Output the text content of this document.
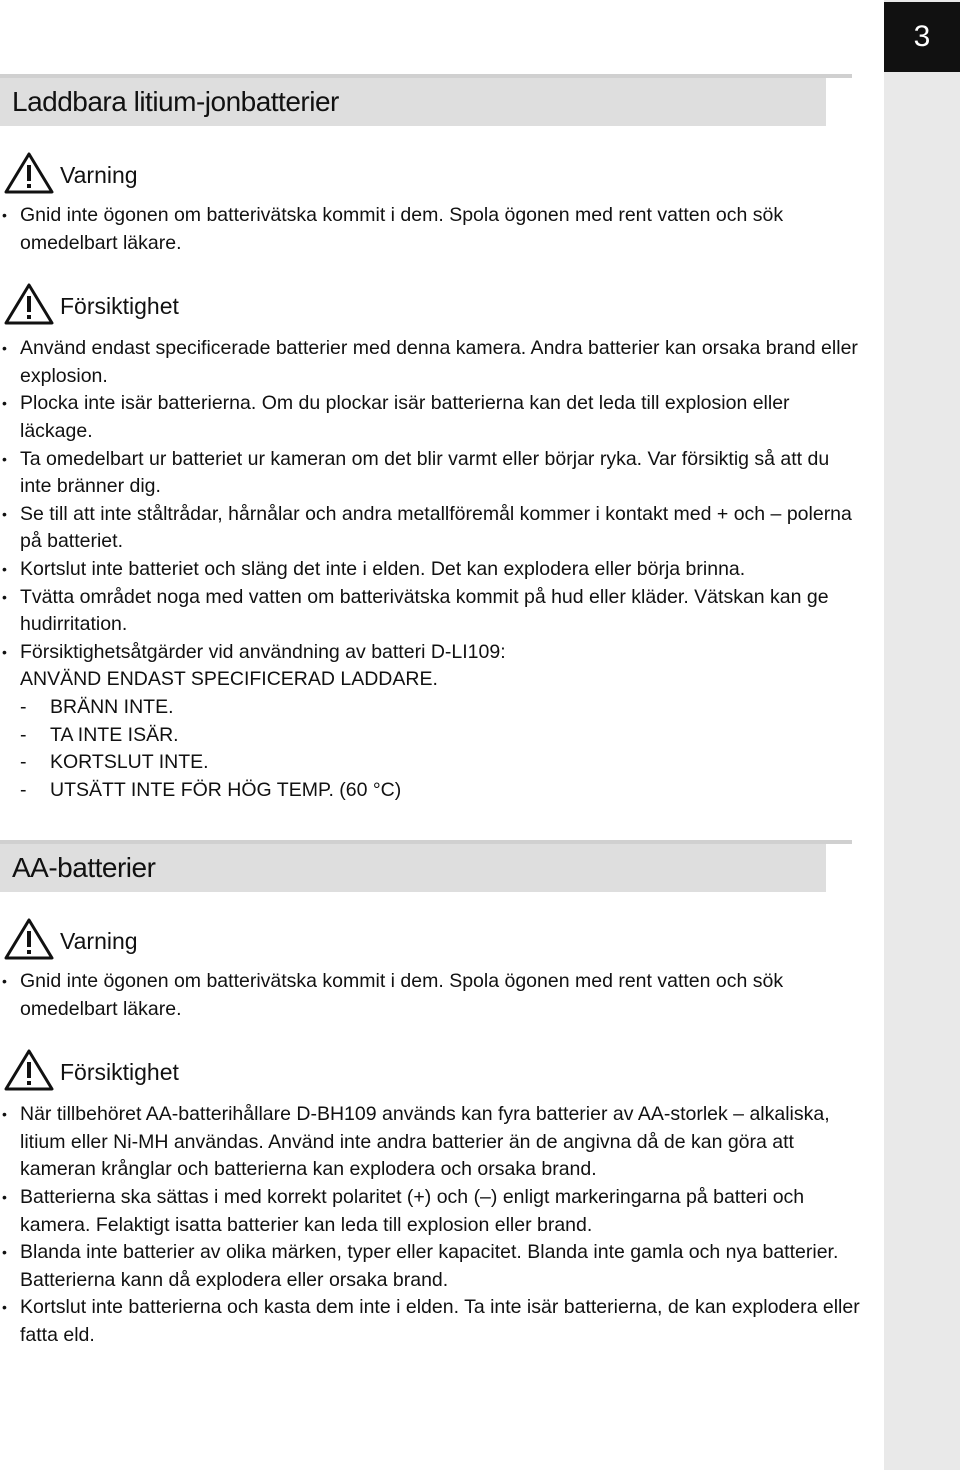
3
Laddbara litium-jonbatterier
Varning
• Gnid inte ögonen om batterivätska kommit i dem. Spola ögonen med rent vatten och sök omedelbart läkare.
Försiktighet
• Använd endast specificerade batterier med denna kamera. Andra batterier kan orsaka brand eller explosion.
• Plocka inte isär batterierna. Om du plockar isär batterierna kan det leda till explosion eller läckage.
• Ta omedelbart ur batteriet ur kameran om det blir varmt eller börjar ryka. Var försiktig så att du inte bränner dig.
• Se till att inte ståltrådar, hårnålar och andra metallföremål kommer i kontakt med + och – polerna på batteriet.
• Kortslut inte batteriet och släng det inte i elden. Det kan explodera eller börja brinna.
• Tvätta området noga med vatten om batterivätska kommit på hud eller kläder. Vätskan kan ge hudirritation.
• Försiktighetsåtgärder vid användning av batteri D-LI109:
ANVÄND ENDAST SPECIFICERAD LADDARE.
- BRÄNN INTE.
- TA INTE ISÄR.
- KORTSLUT INTE.
- UTSÄTT INTE FÖR HÖG TEMP. (60 °C)
AA-batterier
Varning
• Gnid inte ögonen om batterivätska kommit i dem. Spola ögonen med rent vatten och sök omedelbart läkare.
Försiktighet
• När tillbehöret AA-batterihållare D-BH109 används kan fyra batterier av AA-storlek – alkaliska, litium eller Ni-MH användas. Använd inte andra batterier än de angivna då de kan göra att kameran krånglar och batterierna kan explodera och orsaka brand.
• Batterierna ska sättas i med korrekt polaritet (+) och (–) enligt markeringarna på batteri och kamera. Felaktigt isatta batterier kan leda till explosion eller brand.
• Blanda inte batterier av olika märken, typer eller kapacitet. Blanda inte gamla och nya batterier. Batterierna kann då explodera eller orsaka brand.
• Kortslut inte batterierna och kasta dem inte i elden. Ta inte isär batterierna, de kan explodera eller fatta eld.
